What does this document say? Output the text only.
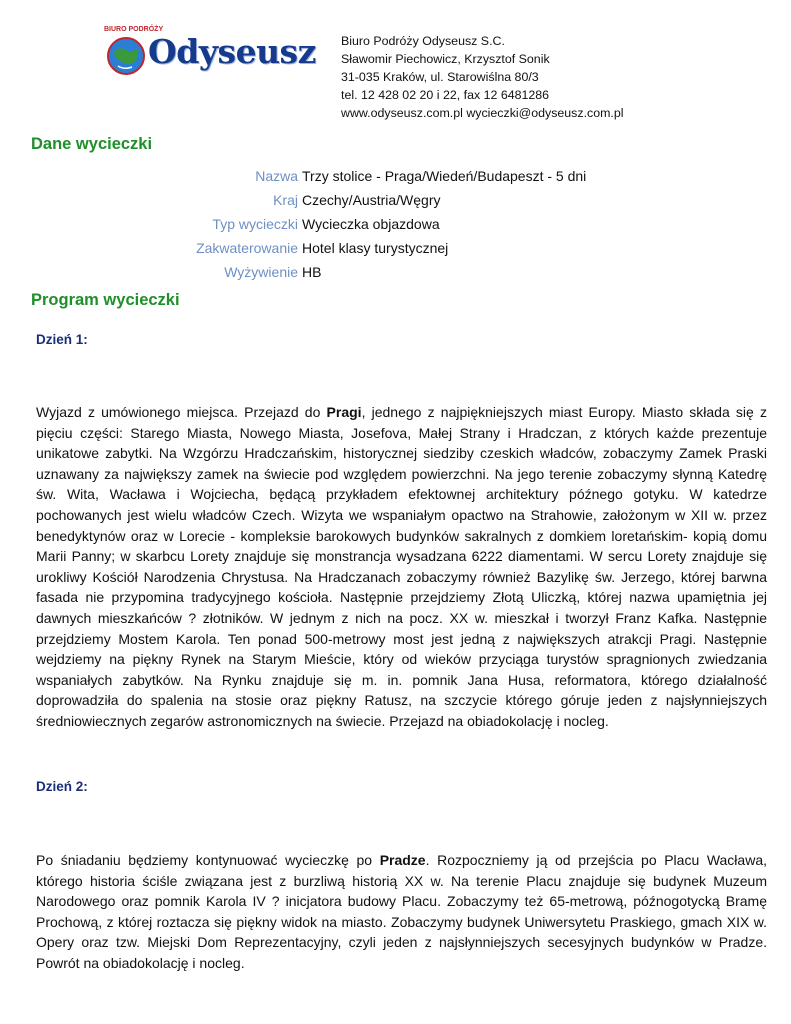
BIURO PODRÓŻY
Odyseusz Biuro Podróży Odyseusz S.C.
Sławomir Piechowicz, Krzysztof Sonik
31-035 Kraków, ul. Starowiślna 80/3
tel. 12 428 02 20 i 22, fax 12 6481286
www.odyseusz.com.pl wycieczki@odyseusz.com.pl
Dane wycieczki
Nazwa Trzy stolice - Praga/Wiedeń/Budapeszt - 5 dni
Kraj Czechy/Austria/Węgry
Typ wycieczki Wycieczka objazdowa
Zakwaterowanie Hotel klasy turystycznej
Wyżywienie HB
Program wycieczki
Dzień 1:

Wyjazd z umówionego miejsca. Przejazd do Pragi, jednego z najpiękniejszych miast Europy. Miasto składa się z pięciu części: Starego Miasta, Nowego Miasta, Josefova, Małej Strany i Hradczan, z których każde prezentuje unikatowe zabytki. Na Wzgórzu Hradczańskim, historycznej siedziby czeskich władców, zobaczymy Zamek Praski uznawany za największy zamek na świecie pod względem powierzchni. Na jego terenie zobaczymy słynną Katedrę św. Wita, Wacława i Wojciecha, będącą przykładem efektownej architektury późnego gotyku. W katedrze pochowanych jest wielu władców Czech. Wizyta we wspaniałym opactwo na Strahowie, założonym w XII w. przez benedyktynów oraz w Lorecie - kompleksie barokowych budynków sakralnych z domkiem loretańskim- kopią domu Marii Panny; w skarbcu Lorety znajduje się monstrancja wysadzana 6222 diamentami. W sercu Lorety znajduje się urokliwy Kościół Narodzenia Chrystusa. Na Hradczanach zobaczymy również Bazylikę św. Jerzego, której barwna fasada nie przypomina tradycyjnego kościoła. Następnie przejdziemy Złotą Uliczką, której nazwa upamiętnia jej dawnych mieszkańców ? złotników. W jednym z nich na pocz. XX w. mieszkał i tworzył Franz Kafka. Następnie przejdziemy Mostem Karola. Ten ponad 500-metrowy most jest jedną z największych atrakcji Pragi. Następnie wejdziemy na piękny Rynek na Starym Mieście, który od wieków przyciąga turystów spragnionych zwiedzania wspaniałych zabytków. Na Rynku znajduje się m. in. pomnik Jana Husa, reformatora, którego działalność doprowadziła do spalenia na stosie oraz piękny Ratusz, na szczycie którego góruje jeden z najsłynniejszych średniowiecznych zegarów astronomicznych na świecie. Przejazd na obiadokolację i nocleg.

Dzień 2:

Po śniadaniu będziemy kontynuować wycieczkę po Pradze. Rozpoczniemy ją od przejścia po Placu Wacława, którego historia ściśle związana jest z burzliwą historią XX w. Na terenie Placu znajduje się budynek Muzeum Narodowego oraz pomnik Karola IV ? inicjatora budowy Placu. Zobaczymy też 65-metrową, późnogotycką Bramę Prochową, z której roztacza się piękny widok na miasto. Zobaczymy budynek Uniwersytetu Praskiego, gmach XIX w. Opery oraz tzw. Miejski Dom Reprezentacyjny, czyli jeden z najsłynniejszych secesyjnych budynków w Pradze. Powrót na obiadokolację i nocleg.
